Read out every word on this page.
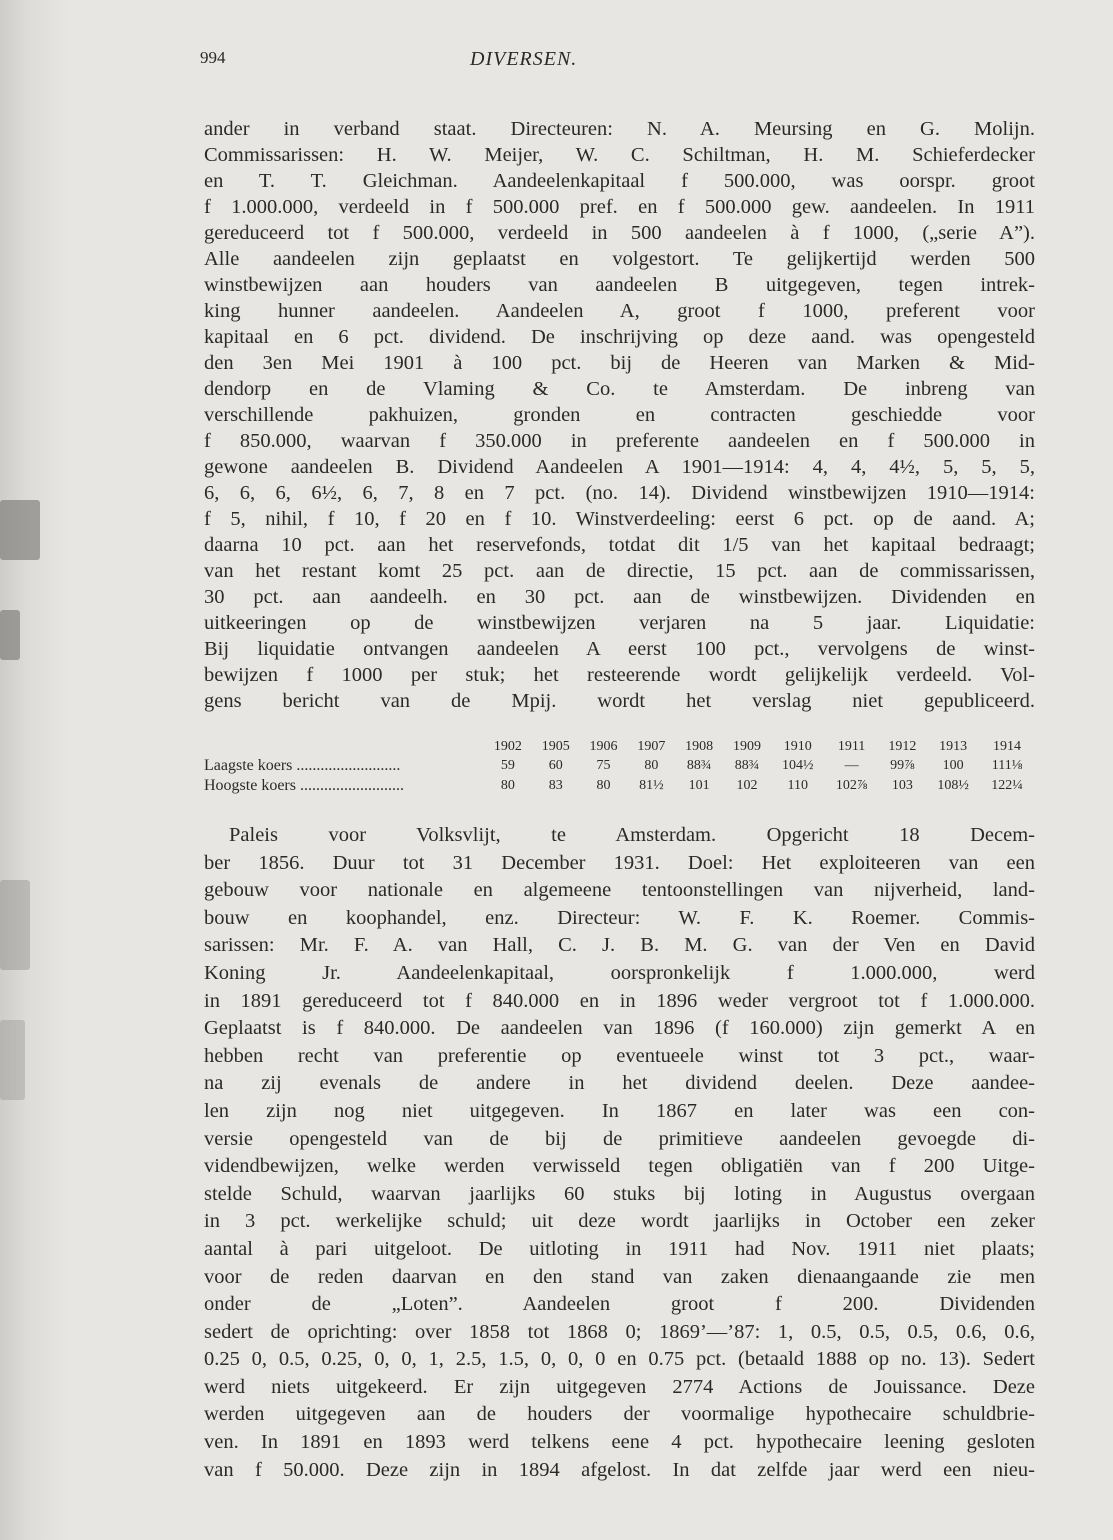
994	DIVERSEN.
ander in verband staat. Directeuren: N. A. Meursing en G. Molijn.
Commissarissen: H. W. Meijer, W. C. Schiltman, H. M. Schieferdecker
en T. T. Gleichman. Aandeelenkapitaal f 500.000, was oorspr. groot
f 1.000.000, verdeeld in f 500.000 pref. en f 500.000 gew. aandeelen. In 1911
gereduceerd tot f 500.000, verdeeld in 500 aandeelen à f 1000, („serie A”).
Alle aandeelen zijn geplaatst en volgestort. Te gelijkertijd werden 500
winstbewijzen aan houders van aandeelen B uitgegeven, tegen intrek-
king hunner aandeelen. Aandeelen A, groot f 1000, preferent voor
kapitaal en 6 pct. dividend. De inschrijving op deze aand. was opengesteld
den 3en Mei 1901 à 100 pct. bij de Heeren van Marken & Mid-
dendorp en de Vlaming & Co. te Amsterdam. De inbreng van
verschillende pakhuizen, gronden en contracten geschiedde voor
f 850.000, waarvan f 350.000 in preferente aandeelen en f 500.000 in
gewone aandeelen B. Dividend Aandeelen A 1901—1914: 4, 4, 4½, 5, 5, 5,
6, 6, 6, 6½, 6, 7, 8 en 7 pct. (no. 14). Dividend winstbewijzen 1910—1914:
f 5, nihil, f 10, f 20 en f 10. Winstverdeeling: eerst 6 pct. op de aand. A;
daarna 10 pct. aan het reservefonds, totdat dit 1/5 van het kapitaal bedraagt;
van het restant komt 25 pct. aan de directie, 15 pct. aan de commissarissen,
30 pct. aan aandeelh. en 30 pct. aan de winstbewijzen. Dividenden en
uitkeeringen op de winstbewijzen verjaren na 5 jaar. Liquidatie:
Bij liquidatie ontvangen aandeelen A eerst 100 pct., vervolgens de winst-
bewijzen f 1000 per stuk; het resteerende wordt gelijkelijk verdeeld. Vol-
gens bericht van de Mpij. wordt het verslag niet gepubliceerd.
	1902	1905	1906	1907	1908	1909	1910	1911	1912	1913	1914
Laagste koers ..........................	59	60	75	80	88¾	88¾	104½	—	99⅞	100	111⅛
Hoogste koers ..........................	80	83	80	81½	101	102	110	102⅞	103	108½	122¼
Paleis voor Volksvlijt, te Amsterdam. Opgericht 18 Decem-
ber 1856. Duur tot 31 December 1931. Doel: Het exploiteeren van een
gebouw voor nationale en algemeene tentoonstellingen van nijverheid, land-
bouw en koophandel, enz. Directeur: W. F. K. Roemer. Commis-
sarissen: Mr. F. A. van Hall, C. J. B. M. G. van der Ven en David
Koning Jr. Aandeelenkapitaal, oorspronkelijk f 1.000.000, werd
in 1891 gereduceerd tot f 840.000 en in 1896 weder vergroot tot f 1.000.000.
Geplaatst is f 840.000. De aandeelen van 1896 (f 160.000) zijn gemerkt A en
hebben recht van preferentie op eventueele winst tot 3 pct., waar-
na zij evenals de andere in het dividend deelen. Deze aandee-
len zijn nog niet uitgegeven. In 1867 en later was een con-
versie opengesteld van de bij de primitieve aandeelen gevoegde di-
videndbewijzen, welke werden verwisseld tegen obligatiën van f 200 Uitge-
stelde Schuld, waarvan jaarlijks 60 stuks bij loting in Augustus overgaan
in 3 pct. werkelijke schuld; uit deze wordt jaarlijks in October een zeker
aantal à pari uitgeloot. De uitloting in 1911 had Nov. 1911 niet plaats;
voor de reden daarvan en den stand van zaken dienaangaande zie men
onder de „Loten”. Aandeelen groot f 200. Dividenden
sedert de oprichting: over 1858 tot 1868 0; 1869’—’87: 1, 0.5, 0.5, 0.5, 0.6, 0.6,
0.25 0, 0.5, 0.25, 0, 0, 1, 2.5, 1.5, 0, 0, 0 en 0.75 pct. (betaald 1888 op no. 13). Sedert
werd niets uitgekeerd. Er zijn uitgegeven 2774 Actions de Jouissance. Deze
werden uitgegeven aan de houders der voormalige hypothecaire schuldbrie-
ven. In 1891 en 1893 werd telkens eene 4 pct. hypothecaire leening gesloten
van f 50.000. Deze zijn in 1894 afgelost. In dat zelfde jaar werd een nieu-
